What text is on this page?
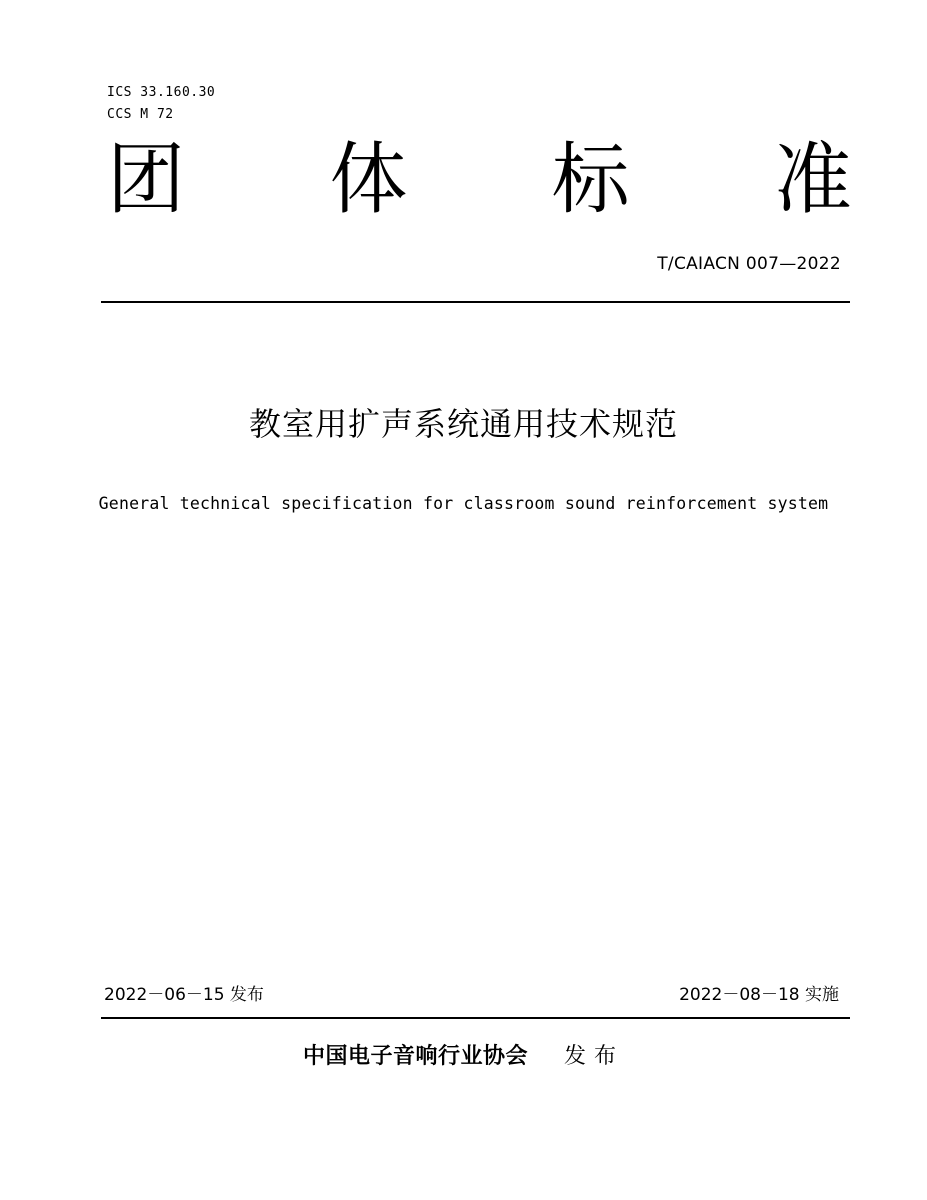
ICS 33.160.30
CCS M 72
团 体 标 准
T/CAIACN 007—2022
教室用扩声系统通用技术规范
General technical specification for classroom sound reinforcement system
2022－06－15 发布	2022－08－18 实施
中国电子音响行业协会 发布
